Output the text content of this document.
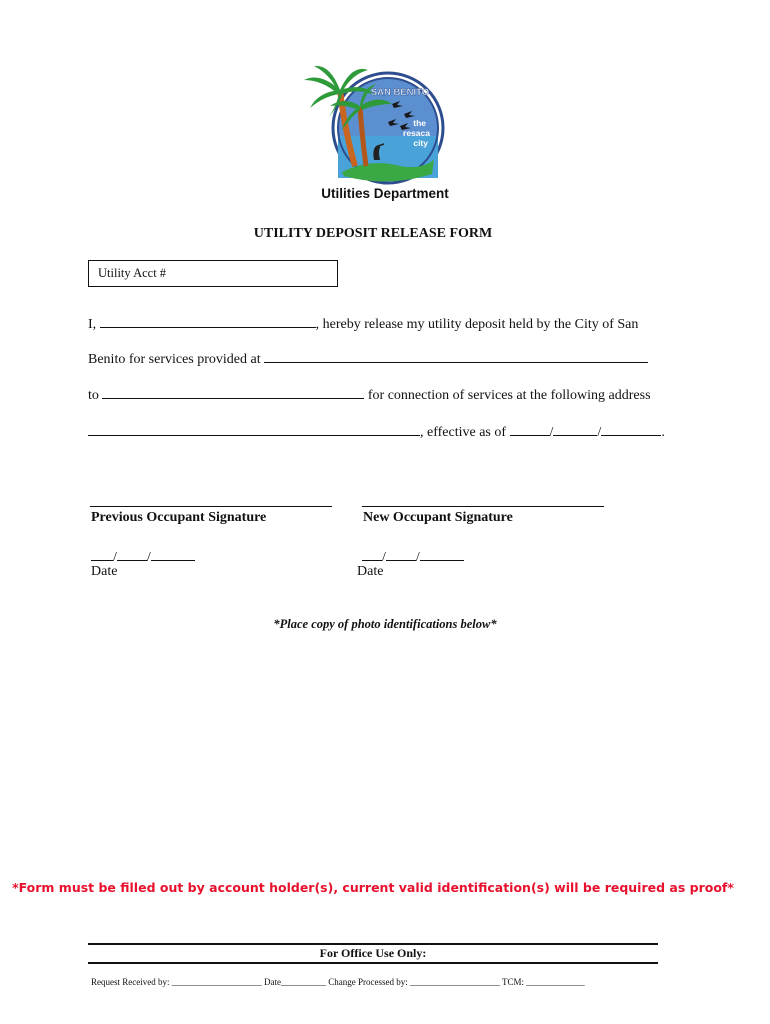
SAN BENITO
the
resaca
city
Utilities Department
UTILITY DEPOSIT RELEASE FORM
Utility Acct #
I,	, hereby release my utility deposit held by the City of San
Benito for services provided at
to	for connection of services at the following address
, effective as of	/	/	.
Previous Occupant Signature	New Occupant Signature
/ /	/ /
Date	Date
*Place copy of photo identifications below*
*Form must be filled out by account holder(s), current valid identification(s) will be required as proof*
For Office Use Only:
Request Received by: ____________________ Date__________ Change Processed by: ____________________ TCM: _____________
